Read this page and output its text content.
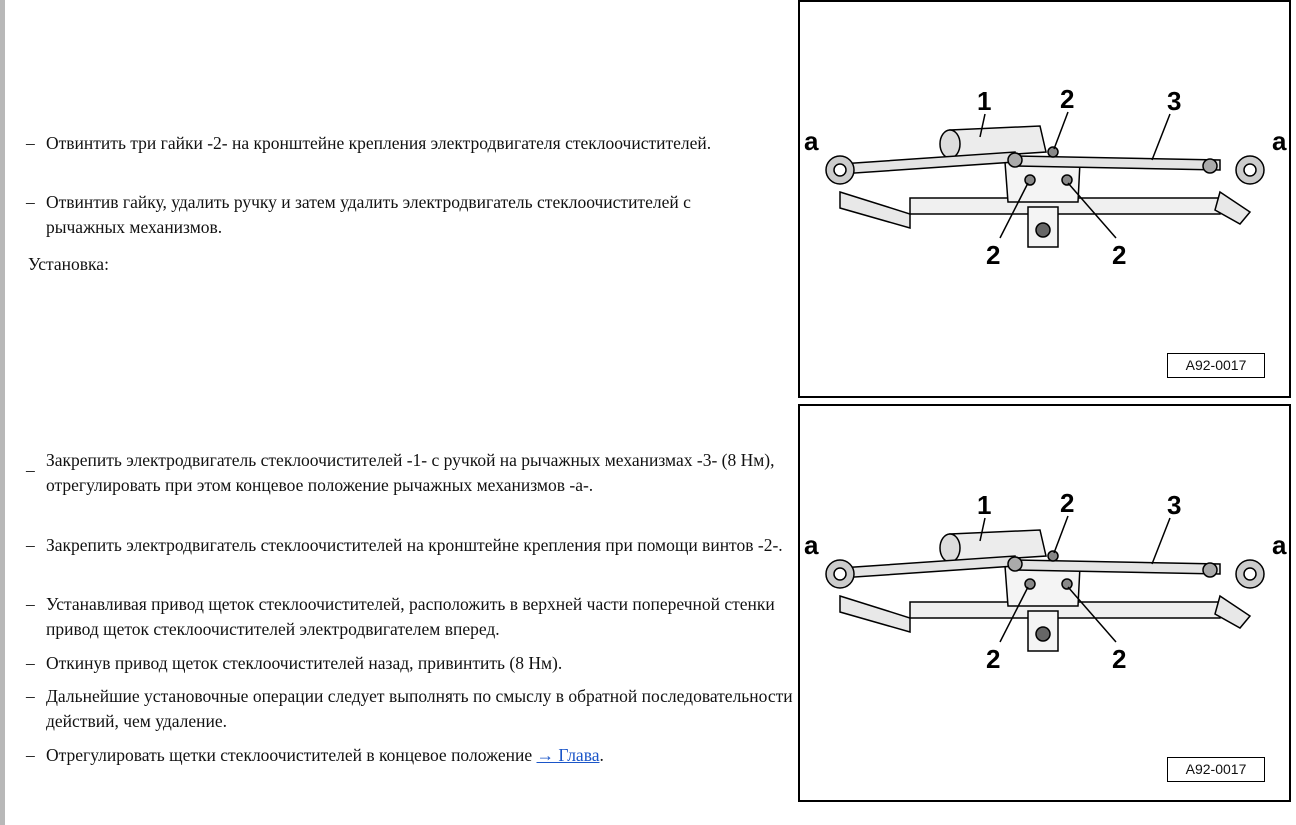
– Отвинтить три гайки -2- на кронштейне крепления электродвигателя стеклоочистителей.
– Отвинтив гайку, удалить ручку и затем удалить электродвигатель стеклоочистителей с рычажных механизмов.
Установка:
– Закрепить электродвигатель стеклоочистителей -1- с ручкой на рычажных механизмах -3- (8 Нм), отрегулировать при этом концевое положение рычажных механизмов -а-.
– Закрепить электродвигатель стеклоочистителей на кронштейне крепления при помощи винтов -2-.
– Устанавливая привод щеток стеклоочистителей, расположить в верхней части поперечной стенки привод щеток стеклоочистителей электродвигателем вперед.
– Откинув привод щеток стеклоочистителей назад, привинтить (8 Нм).
– Дальнейшие установочные операции следует выполнять по смыслу в обратной последовательности действий, чем удаление.
– Отрегулировать щетки стеклоочистителей в концевое положение → Глава.
1	2	3
a	a
2	2
A92-0017
1	2	3
a	a
2	2
A92-0017
